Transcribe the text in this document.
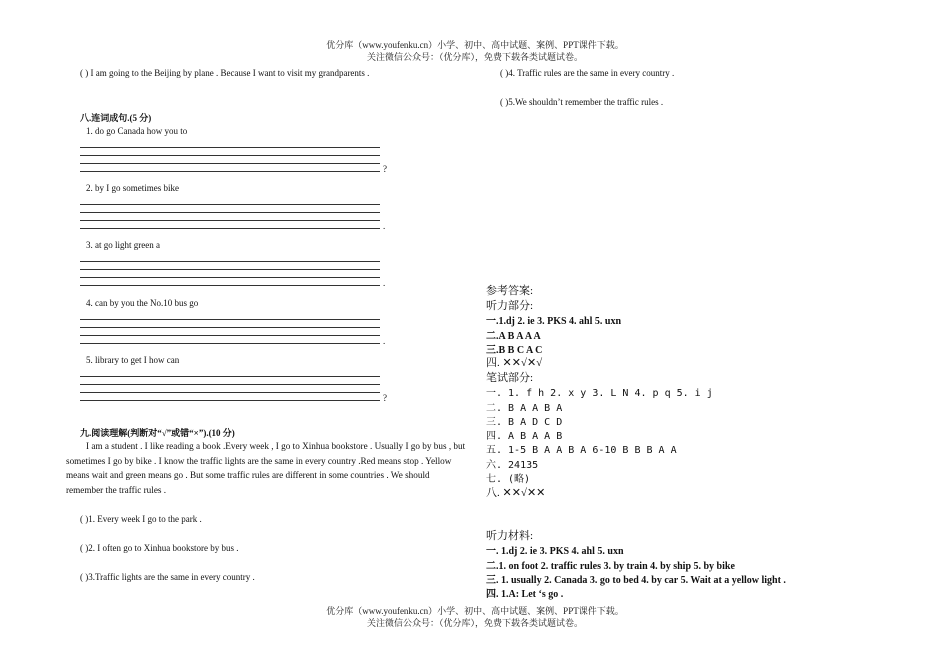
优分库（www.youfenku.cn）小学、初中、高中试题、案例、PPT课件下载。
关注微信公众号：（优分库），免费下载各类试题试卷。
( ) I am going to the Beijing by plane . Because I want to visit my grandparents .
八.连词成句.(5 分)
1. do go Canada how you to
?
2. by I go sometimes bike
.
3. at go light green a
.
4. can by you the No.10 bus go
.
5. library to get I how can
?
九.阅读理解(判断对“√”或错“×”).(10 分)
I am a student . I like reading a book .Every week , I go to Xinhua bookstore . Usually I go by bus , but sometimes I go by bike . I know the traffic lights are the same in every country .Red means stop . Yellow means wait and green means go . But some traffic rules are different in some countries . We should remember the traffic rules .
( )1. Every week I go to the park .
( )2. I often go to Xinhua bookstore by bus .
( )3.Traffic lights are the same in every country .
( )4. Traffic rules are the same in every country .
( )5.We shouldn’t remember the traffic rules .
参考答案:
听力部分:
一.1.dj 2. ie 3. PKS 4. ahl 5. uxn
二.A B A A A
三.B B C A C
四. ✕✕√✕√
笔试部分:
一. 1. f h 2. x y 3. L N 4. p q 5. i j
二. B A A B A
三. B A D C D
四. A B A A B
五. 1-5 B A A B A 6-10 B B B A A
六. 24135
七. (略)
八. ✕✕√✕✕
听力材料:
一. 1.dj 2. ie 3. PKS 4. ahl 5. uxn
二.1. on foot 2. traffic rules 3. by train 4. by ship 5. by bike
三. 1. usually 2. Canada 3. go to bed 4. by car 5. Wait at a yellow light .
四. 1.A: Let ‘s go .
优分库（www.youfenku.cn）小学、初中、高中试题、案例、PPT课件下载。
关注微信公众号：（优分库），免费下载各类试题试卷。
